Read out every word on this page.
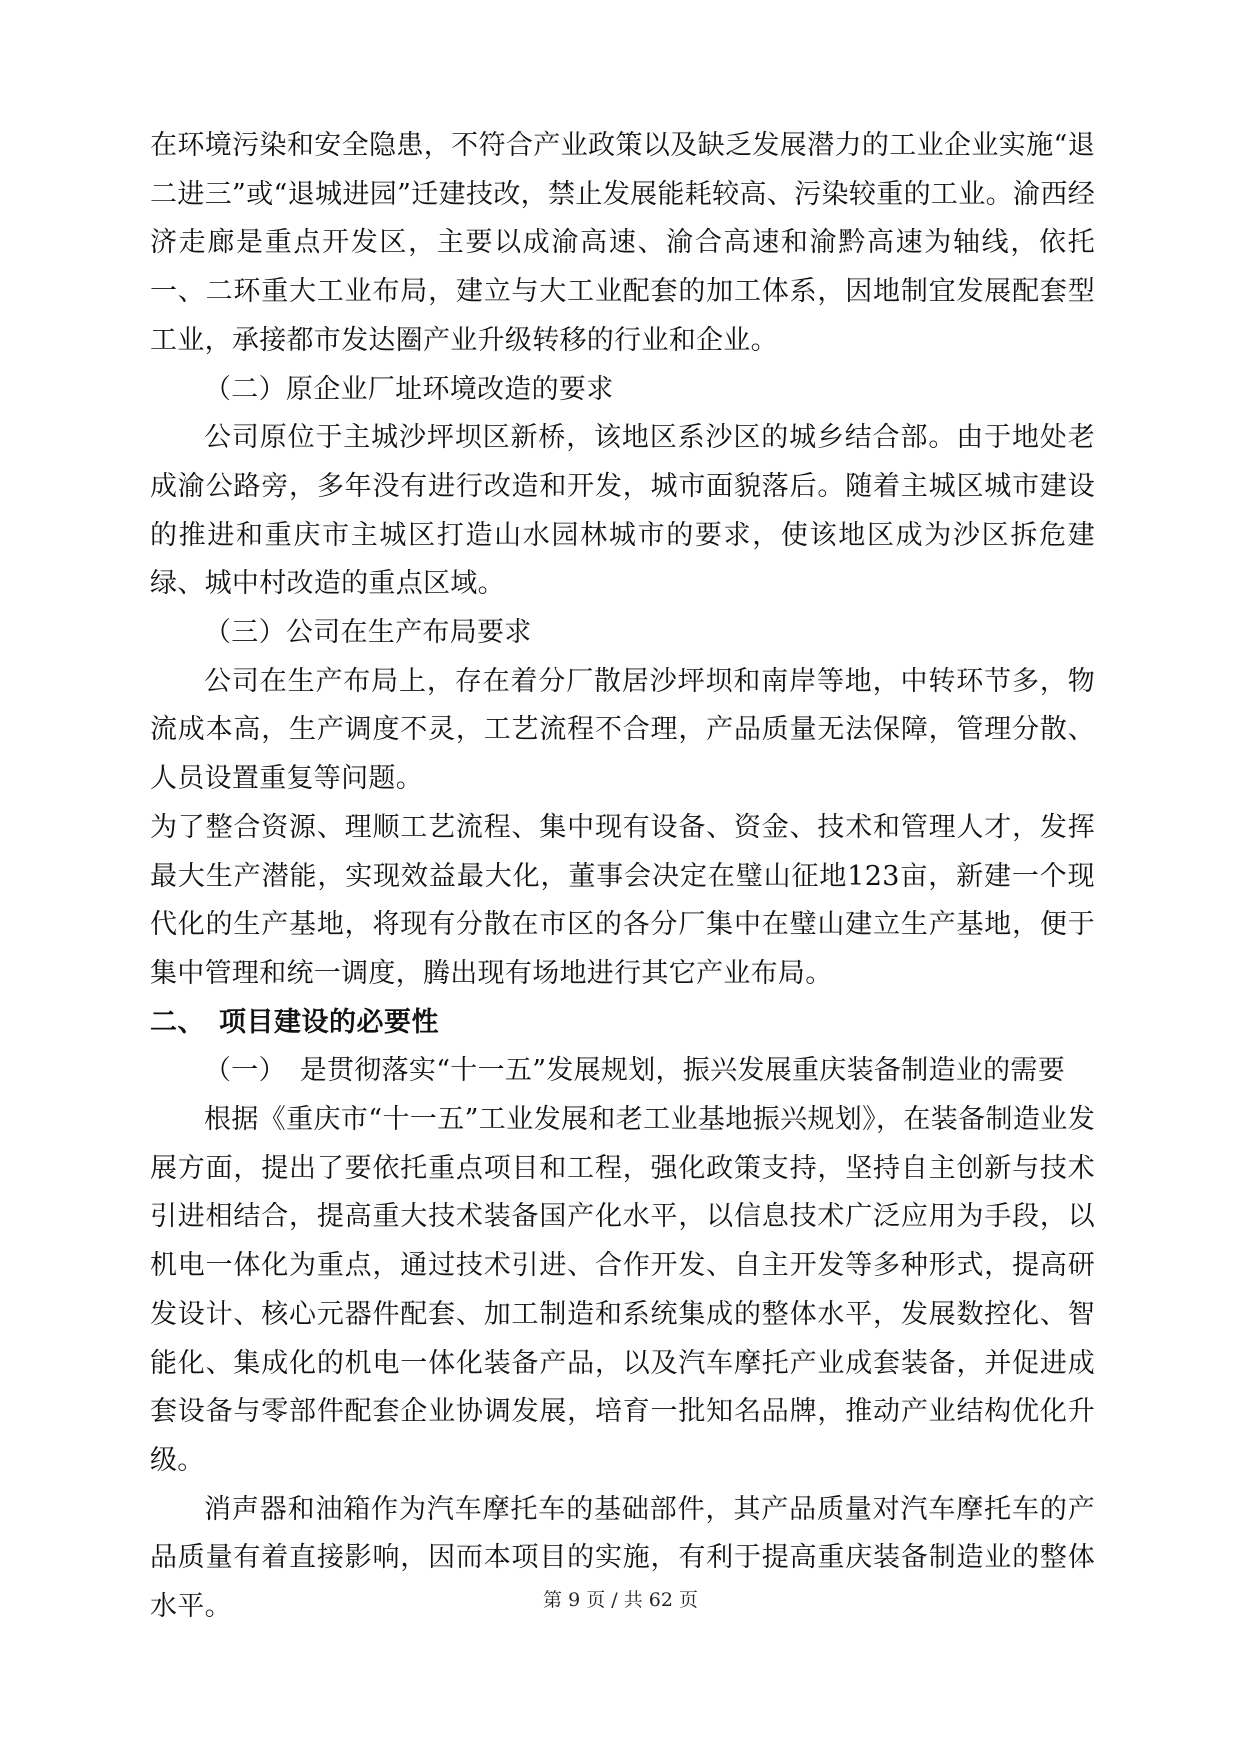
在环境污染和安全隐患，不符合产业政策以及缺乏发展潜力的工业企业实施“退二进三”或“退城进园”迁建技改，禁止发展能耗较高、污染较重的工业。渝西经济走廊是重点开发区，主要以成渝高速、渝合高速和渝黔高速为轴线，依托一、二环重大工业布局，建立与大工业配套的加工体系，因地制宜发展配套型工业，承接都市发达圈产业升级转移的行业和企业。

（二）原企业厂址环境改造的要求

公司原位于主城沙坪坝区新桥，该地区系沙区的城乡结合部。由于地处老成渝公路旁，多年没有进行改造和开发，城市面貌落后。随着主城区城市建设的推进和重庆市主城区打造山水园林城市的要求，使该地区成为沙区拆危建绿、城中村改造的重点区域。

（三）公司在生产布局要求

公司在生产布局上，存在着分厂散居沙坪坝和南岸等地，中转环节多，物流成本高，生产调度不灵，工艺流程不合理，产品质量无法保障，管理分散、人员设置重复等问题。

为了整合资源、理顺工艺流程、集中现有设备、资金、技术和管理人才，发挥最大生产潜能，实现效益最大化，董事会决定在璧山征地123亩，新建一个现代化的生产基地，将现有分散在市区的各分厂集中在璧山建立生产基地，便于集中管理和统一调度，腾出现有场地进行其它产业布局。

二、　项目建设的必要性

（一）　是贯彻落实“十一五”发展规划，振兴发展重庆装备制造业的需要

根据《重庆市“十一五”工业发展和老工业基地振兴规划》，在装备制造业发展方面，提出了要依托重点项目和工程，强化政策支持，坚持自主创新与技术引进相结合，提高重大技术装备国产化水平，以信息技术广泛应用为手段，以机电一体化为重点，通过技术引进、合作开发、自主开发等多种形式，提高研发设计、核心元器件配套、加工制造和系统集成的整体水平，发展数控化、智能化、集成化的机电一体化装备产品，以及汽车摩托产业成套装备，并促进成套设备与零部件配套企业协调发展，培育一批知名品牌，推动产业结构优化升级。

消声器和油箱作为汽车摩托车的基础部件，其产品质量对汽车摩托车的产品质量有着直接影响，因而本项目的实施，有利于提高重庆装备制造业的整体水平。	第 9 页 / 共 62 页
